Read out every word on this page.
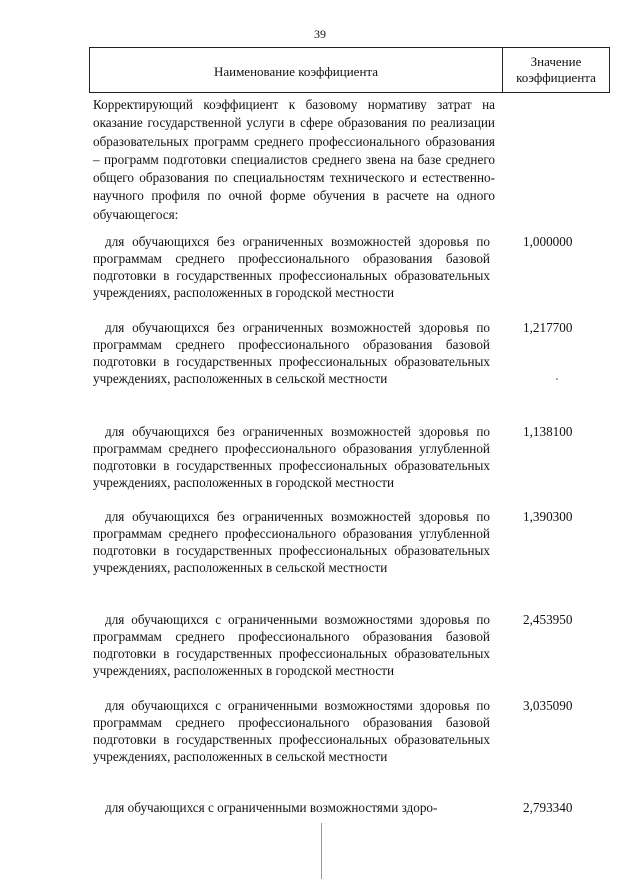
39
Наименование коэффициента
Значение
коэффициента
Корректирующий коэффициент к базовому нормативу затрат на оказание государственной услуги в сфере образования по реализации образовательных программ среднего профессионального образования – программ подготовки специалистов среднего звена на базе среднего общего образования по специальностям технического и естественно-научного профиля по очной форме обучения в расчете на одного обучающегося:
для обучающихся без ограниченных возможностей здоровья по программам среднего профессионального образования базовой подготовки в государственных профессиональных образовательных учреждениях, расположенных в городской местности
1,000000
для обучающихся без ограниченных возможностей здоровья по программам среднего профессионального образования базовой подготовки в государственных профессиональных образовательных учреждениях, расположенных в сельской местности
1,217700
для обучающихся без ограниченных возможностей здоровья по программам среднего профессионального образования углубленной подготовки в государственных профессиональных образовательных учреждениях, расположенных в городской местности
1,138100
для обучающихся без ограниченных возможностей здоровья по программам среднего профессионального образования углубленной подготовки в государственных профессиональных образовательных учреждениях, расположенных в сельской местности
1,390300
для обучающихся с ограниченными возможностями здоровья по программам среднего профессионального образования базовой подготовки в государственных профессиональных образовательных учреждениях, расположенных в городской местности
2,453950
для обучающихся с ограниченными возможностями здоровья по программам среднего профессионального образования базовой подготовки в государственных профессиональных образовательных учреждениях, расположенных в сельской местности
3,035090
для обучающихся с ограниченными возможностями здоро-	2,793340
